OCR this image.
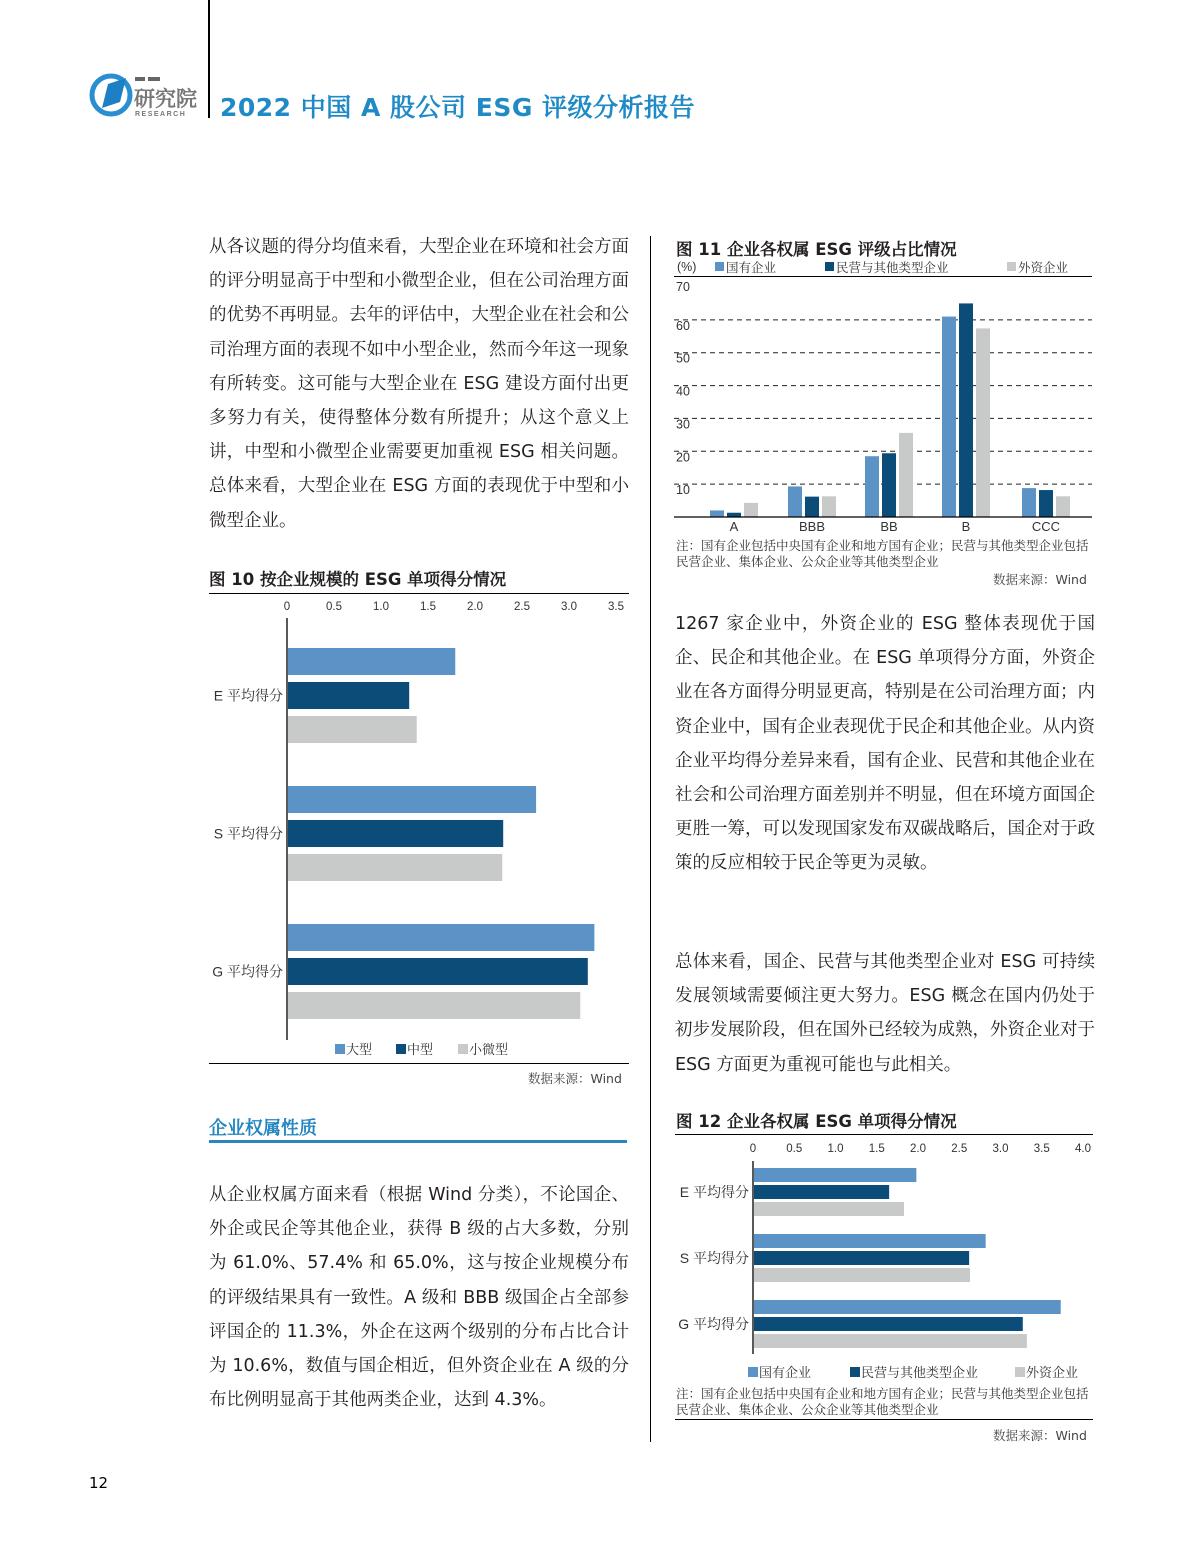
研究院
RESEARCH 2022 中国 A 股公司 ESG 评级分析报告
从各议题的得分均值来看，大型企业在环境和社会方面的评分明显高于中型和小微型企业，但在公司治理方面的优势不再明显。去年的评估中，大型企业在社会和公司治理方面的表现不如中小型企业，然而今年这一现象有所转变。这可能与大型企业在 ESG 建设方面付出更多努力有关，使得整体分数有所提升；从这个意义上讲，中型和小微型企业需要更加重视 ESG 相关问题。总体来看，大型企业在 ESG 方面的表现优于中型和小微型企业。
图 10 按企业规模的 ESG 单项得分情况
0	0.5	1.0	1.5	2.0	2.5	3.0	3.5
E 平均得分
S 平均得分
G 平均得分
大型	中型	小微型
数据来源：Wind
企业权属性质
从企业权属方面来看（根据 Wind 分类），不论国企、外企或民企等其他企业，获得 B 级的占大多数，分别为 61.0%、57.4% 和 65.0%，这与按企业规模分布的评级结果具有一致性。A 级和 BBB 级国企占全部参评国企的 11.3%，外企在这两个级别的分布占比合计为 10.6%，数值与国企相近，但外资企业在 A 级的分布比例明显高于其他两类企业，达到 4.3%。
图 11 企业各权属 ESG 评级占比情况
(%) 国有企业	民营与其他类型企业	外资企业
10
20
30
40
50
60
70
A	BBB	BB	B	CCC
注：国有企业包括中央国有企业和地方国有企业；民营与其他类型企业包括民营企业、集体企业、公众企业等其他类型企业
数据来源：Wind
1267 家企业中，外资企业的 ESG 整体表现优于国企、民企和其他企业。在 ESG 单项得分方面，外资企业在各方面得分明显更高，特别是在公司治理方面；内资企业中，国有企业表现优于民企和其他企业。从内资企业平均得分差异来看，国有企业、民营和其他企业在社会和公司治理方面差别并不明显，但在环境方面国企更胜一筹，可以发现国家发布双碳战略后，国企对于政策的反应相较于民企等更为灵敏。
总体来看，国企、民营与其他类型企业对 ESG 可持续发展领域需要倾注更大努力。ESG 概念在国内仍处于初步发展阶段，但在国外已经较为成熟，外资企业对于 ESG 方面更为重视可能也与此相关。
图 12 企业各权属 ESG 单项得分情况
0	0.5 1.0 1.5 2.0 2.5 3.0 3.5 4.0
E 平均得分
S 平均得分
G 平均得分
国有企业	民营与其他类型企业	外资企业
注：国有企业包括中央国有企业和地方国有企业；民营与其他类型企业包括民营企业、集体企业、公众企业等其他类型企业
数据来源：Wind
12
